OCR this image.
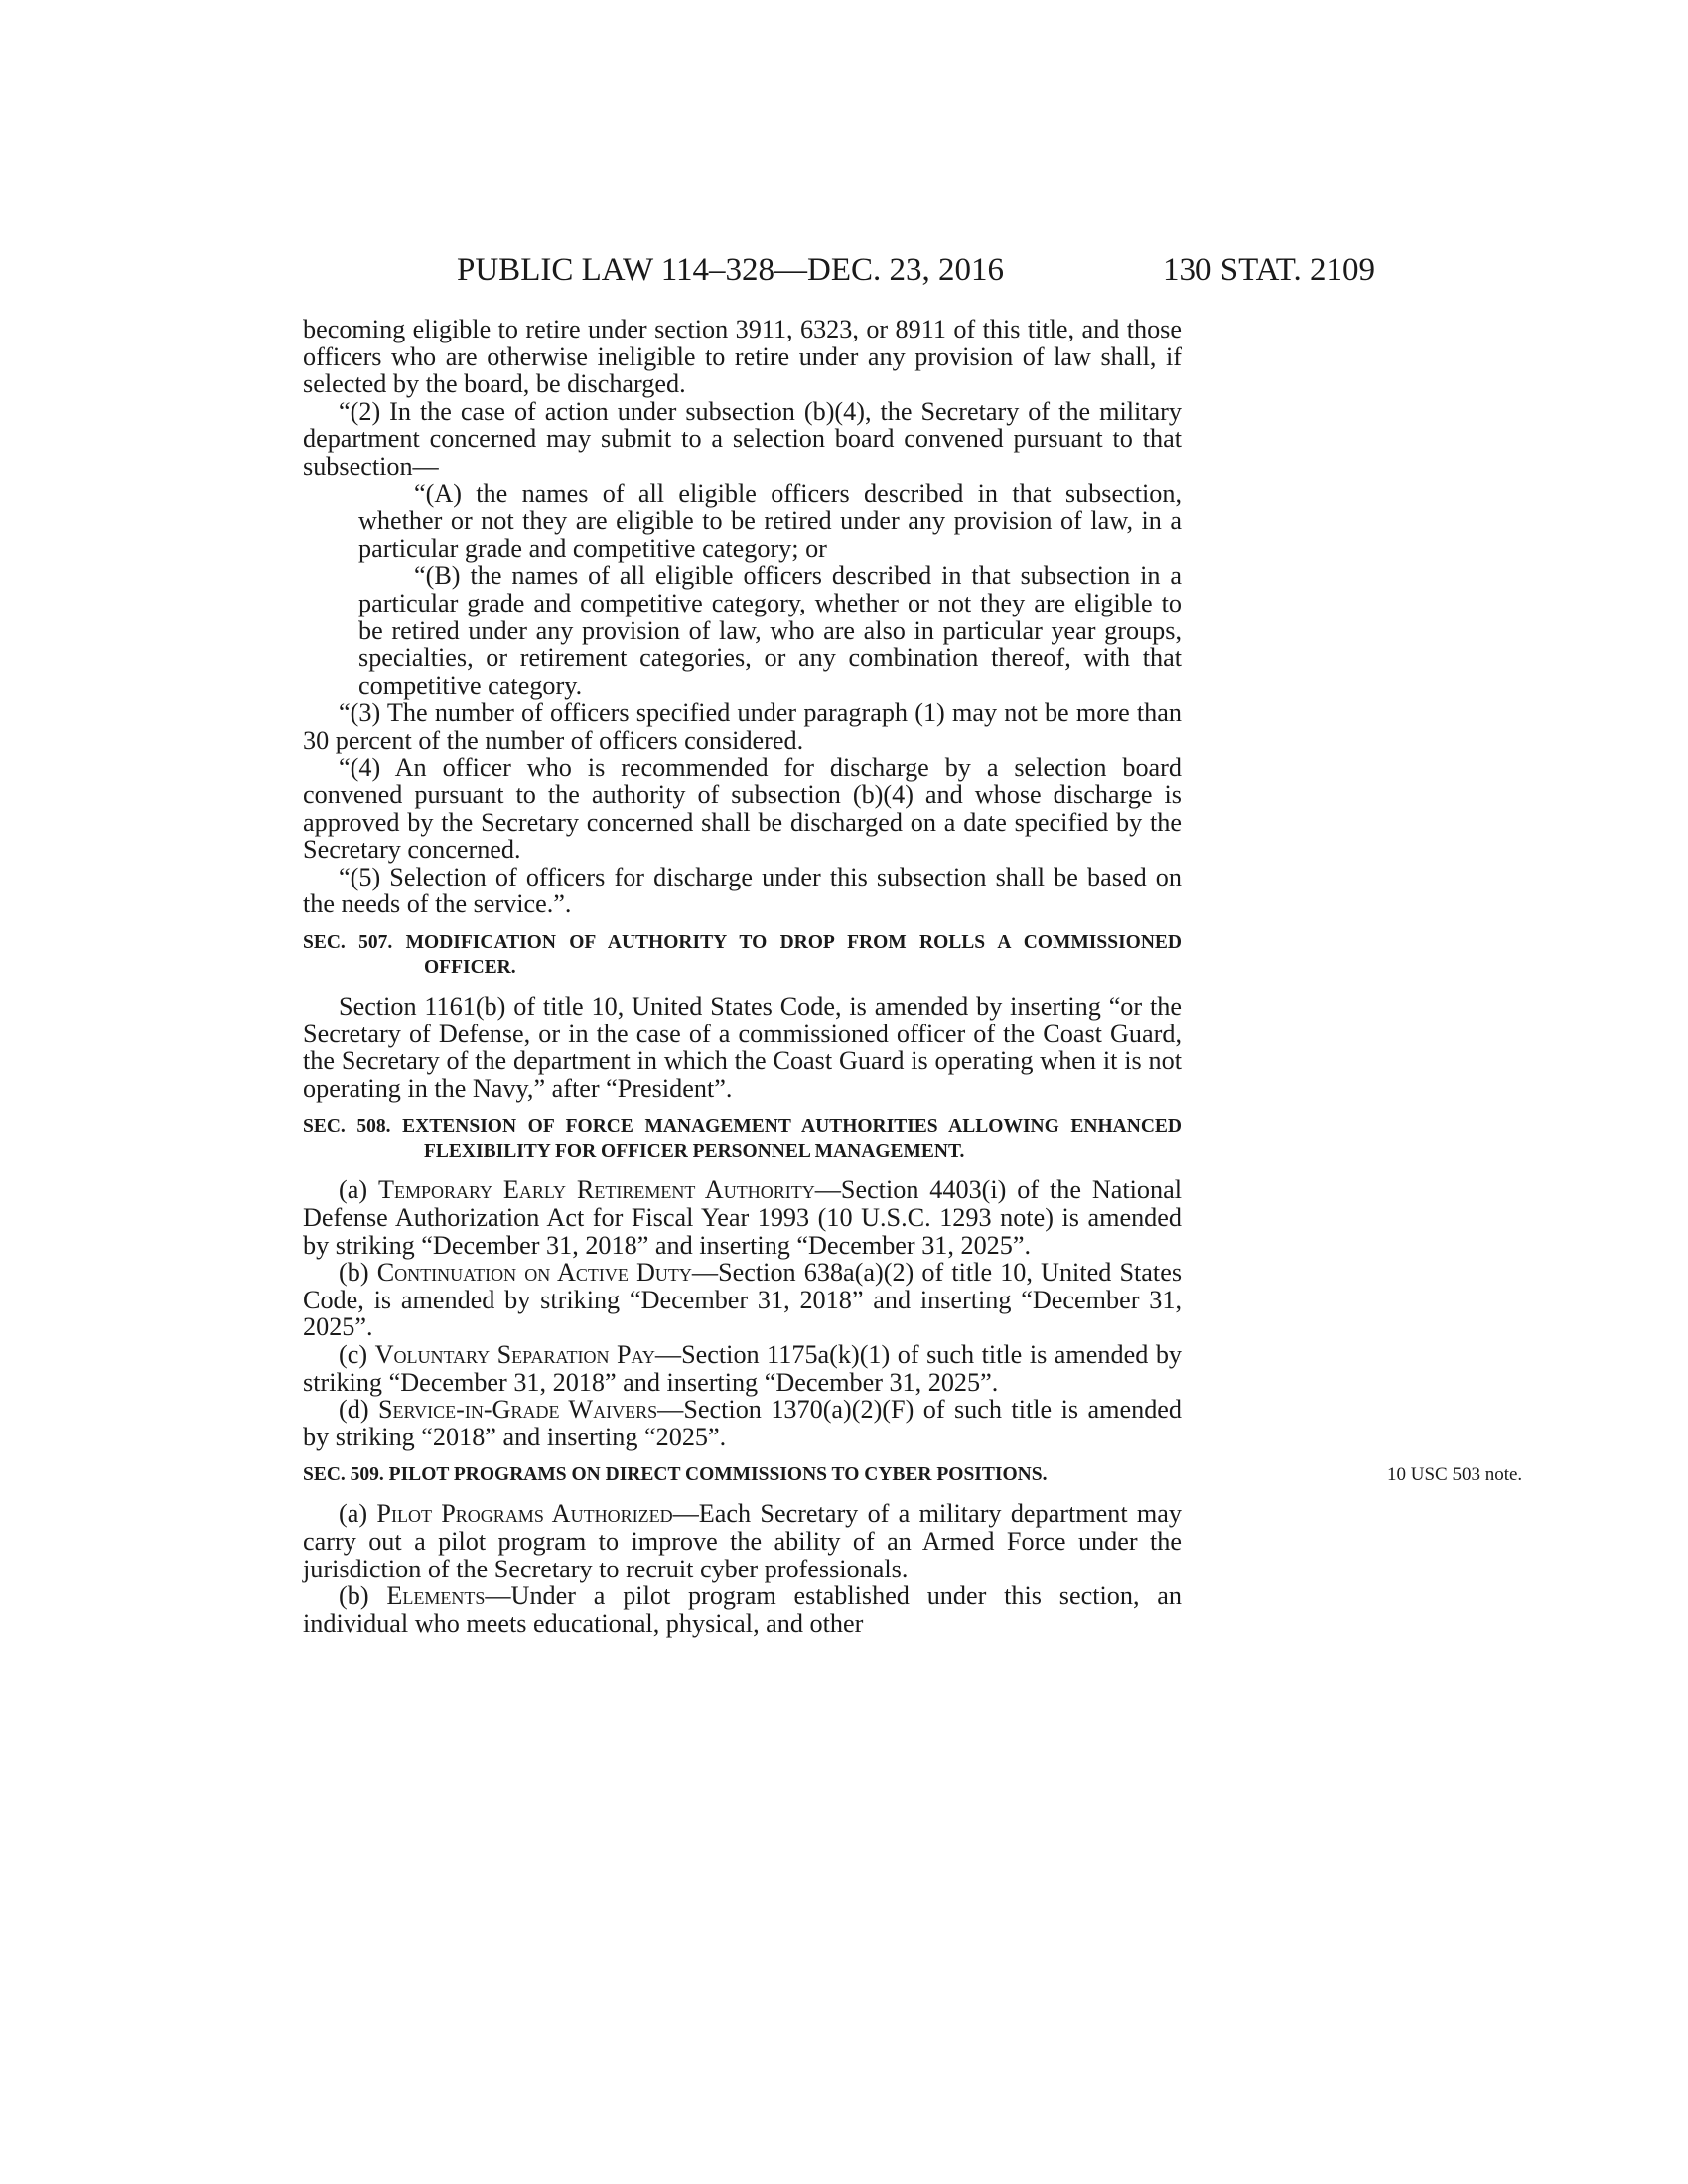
PUBLIC LAW 114–328—DEC. 23, 2016	130 STAT. 2109

becoming eligible to retire under section 3911, 6323, or 8911 of this title, and those officers who are otherwise ineligible to retire under any provision of law shall, if selected by the board, be discharged.

“(2) In the case of action under subsection (b)(4), the Secretary of the military department concerned may submit to a selection board convened pursuant to that subsection—

“(A) the names of all eligible officers described in that subsection, whether or not they are eligible to be retired under any provision of law, in a particular grade and competitive category; or

“(B) the names of all eligible officers described in that subsection in a particular grade and competitive category, whether or not they are eligible to be retired under any provision of law, who are also in particular year groups, specialties, or retirement categories, or any combination thereof, with that competitive category.

“(3) The number of officers specified under paragraph (1) may not be more than 30 percent of the number of officers considered.

“(4) An officer who is recommended for discharge by a selection board convened pursuant to the authority of subsection (b)(4) and whose discharge is approved by the Secretary concerned shall be discharged on a date specified by the Secretary concerned.

“(5) Selection of officers for discharge under this subsection shall be based on the needs of the service.”.

SEC. 507. MODIFICATION OF AUTHORITY TO DROP FROM ROLLS A COMMISSIONED OFFICER.

Section 1161(b) of title 10, United States Code, is amended by inserting “or the Secretary of Defense, or in the case of a commissioned officer of the Coast Guard, the Secretary of the department in which the Coast Guard is operating when it is not operating in the Navy,” after “President”.

SEC. 508. EXTENSION OF FORCE MANAGEMENT AUTHORITIES ALLOWING ENHANCED FLEXIBILITY FOR OFFICER PERSONNEL MANAGEMENT.

(a) Temporary Early Retirement Authority—Section 4403(i) of the National Defense Authorization Act for Fiscal Year 1993 (10 U.S.C. 1293 note) is amended by striking “December 31, 2018” and inserting “December 31, 2025”.

(b) Continuation on Active Duty—Section 638a(a)(2) of title 10, United States Code, is amended by striking “December 31, 2018” and inserting “December 31, 2025”.

(c) Voluntary Separation Pay—Section 1175a(k)(1) of such title is amended by striking “December 31, 2018” and inserting “December 31, 2025”.

(d) Service-in-Grade Waivers—Section 1370(a)(2)(F) of such title is amended by striking “2018” and inserting “2025”.

SEC. 509. PILOT PROGRAMS ON DIRECT COMMISSIONS TO CYBER POSITIONS.

(a) Pilot Programs Authorized—Each Secretary of a military department may carry out a pilot program to improve the ability of an Armed Force under the jurisdiction of the Secretary to recruit cyber professionals.

(b) Elements—Under a pilot program established under this section, an individual who meets educational, physical, and other

10 USC 503 note.
